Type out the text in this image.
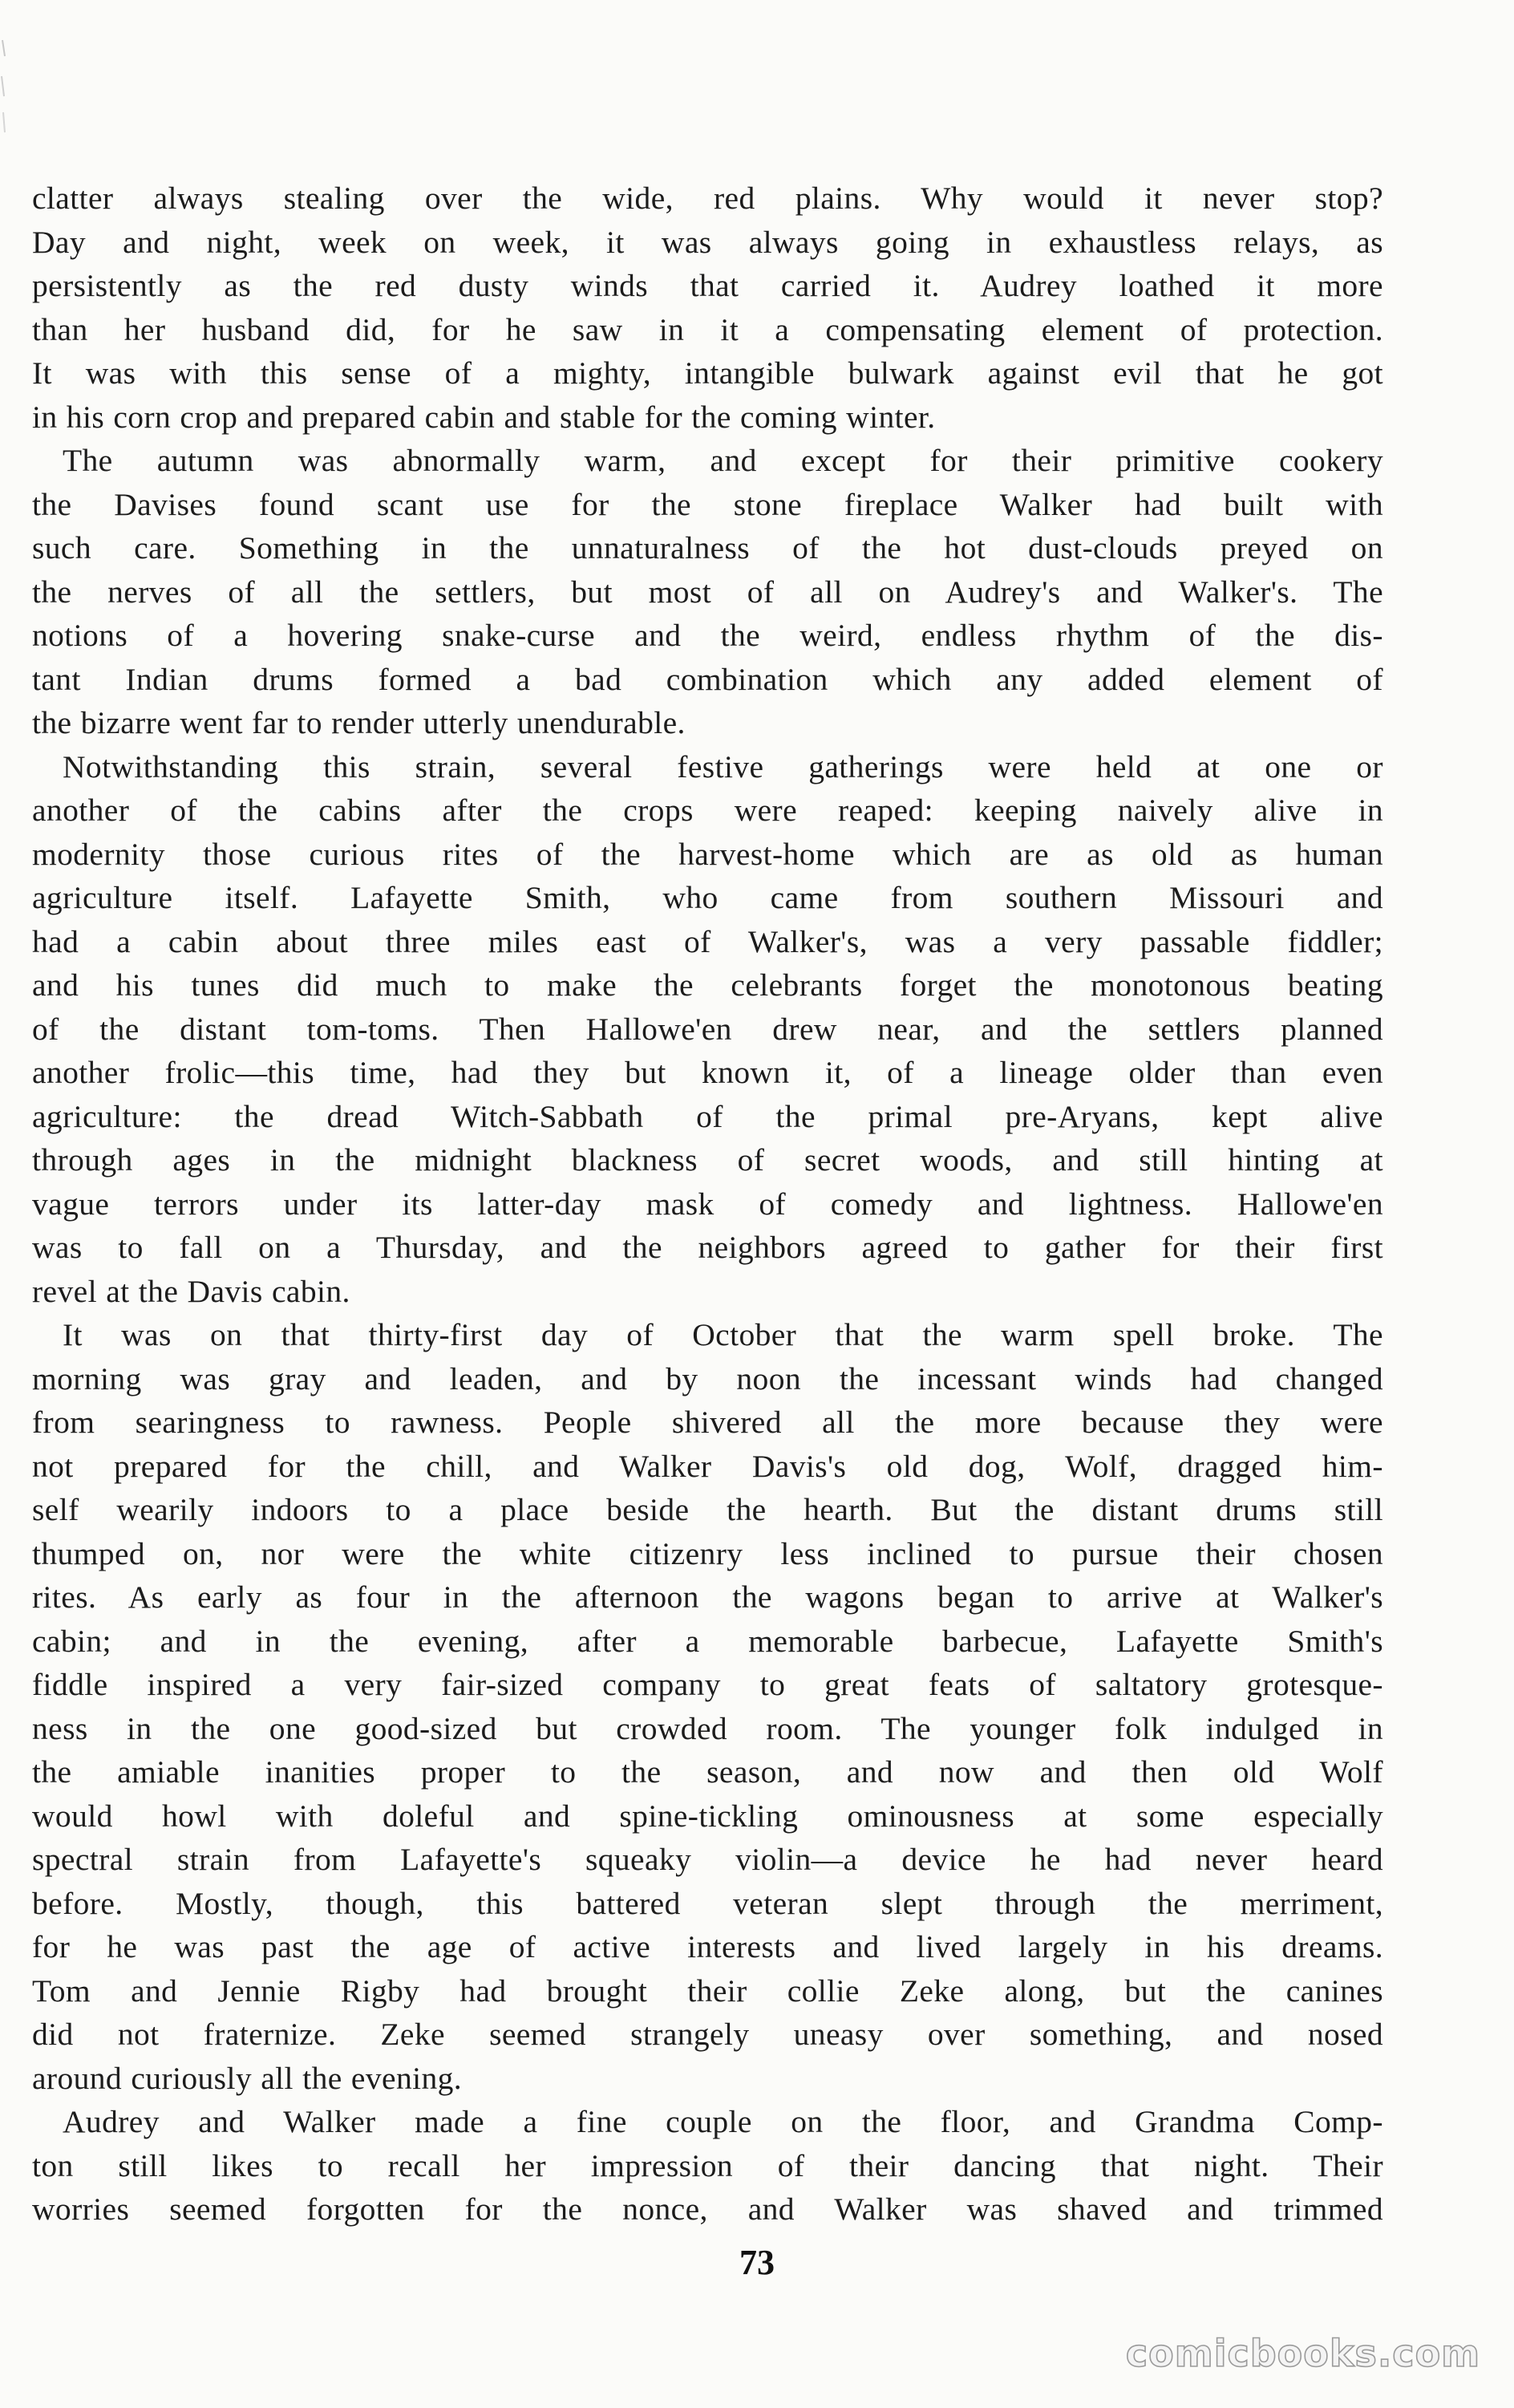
clatter always stealing over the wide, red plains. Why would it never stop?
Day and night, week on week, it was always going in exhaustless relays, as
persistently as the red dusty winds that carried it. Audrey loathed it more
than her husband did, for he saw in it a compensating element of protection.
It was with this sense of a mighty, intangible bulwark against evil that he got
in his corn crop and prepared cabin and stable for the coming winter.

The autumn was abnormally warm, and except for their primitive cookery
the Davises found scant use for the stone fireplace Walker had built with
such care. Something in the unnaturalness of the hot dust-clouds preyed on
the nerves of all the settlers, but most of all on Audrey's and Walker's. The
notions of a hovering snake-curse and the weird, endless rhythm of the dis-
tant Indian drums formed a bad combination which any added element of
the bizarre went far to render utterly unendurable.

Notwithstanding this strain, several festive gatherings were held at one or
another of the cabins after the crops were reaped: keeping naively alive in
modernity those curious rites of the harvest-home which are as old as human
agriculture itself. Lafayette Smith, who came from southern Missouri and
had a cabin about three miles east of Walker's, was a very passable fiddler;
and his tunes did much to make the celebrants forget the monotonous beating
of the distant tom-toms. Then Hallowe'en drew near, and the settlers planned
another frolic—this time, had they but known it, of a lineage older than even
agriculture: the dread Witch-Sabbath of the primal pre-Aryans, kept alive
through ages in the midnight blackness of secret woods, and still hinting at
vague terrors under its latter-day mask of comedy and lightness. Hallowe'en
was to fall on a Thursday, and the neighbors agreed to gather for their first
revel at the Davis cabin.

It was on that thirty-first day of October that the warm spell broke. The
morning was gray and leaden, and by noon the incessant winds had changed
from searingness to rawness. People shivered all the more because they were
not prepared for the chill, and Walker Davis's old dog, Wolf, dragged him-
self wearily indoors to a place beside the hearth. But the distant drums still
thumped on, nor were the white citizenry less inclined to pursue their chosen
rites. As early as four in the afternoon the wagons began to arrive at Walker's
cabin; and in the evening, after a memorable barbecue, Lafayette Smith's
fiddle inspired a very fair-sized company to great feats of saltatory grotesque-
ness in the one good-sized but crowded room. The younger folk indulged in
the amiable inanities proper to the season, and now and then old Wolf
would howl with doleful and spine-tickling ominousness at some especially
spectral strain from Lafayette's squeaky violin—a device he had never heard
before. Mostly, though, this battered veteran slept through the merriment,
for he was past the age of active interests and lived largely in his dreams.
Tom and Jennie Rigby had brought their collie Zeke along, but the canines
did not fraternize. Zeke seemed strangely uneasy over something, and nosed
around curiously all the evening.

Audrey and Walker made a fine couple on the floor, and Grandma Comp-
ton still likes to recall her impression of their dancing that night. Their
worries seemed forgotten for the nonce, and Walker was shaved and trimmed

73
comicbooks.com
